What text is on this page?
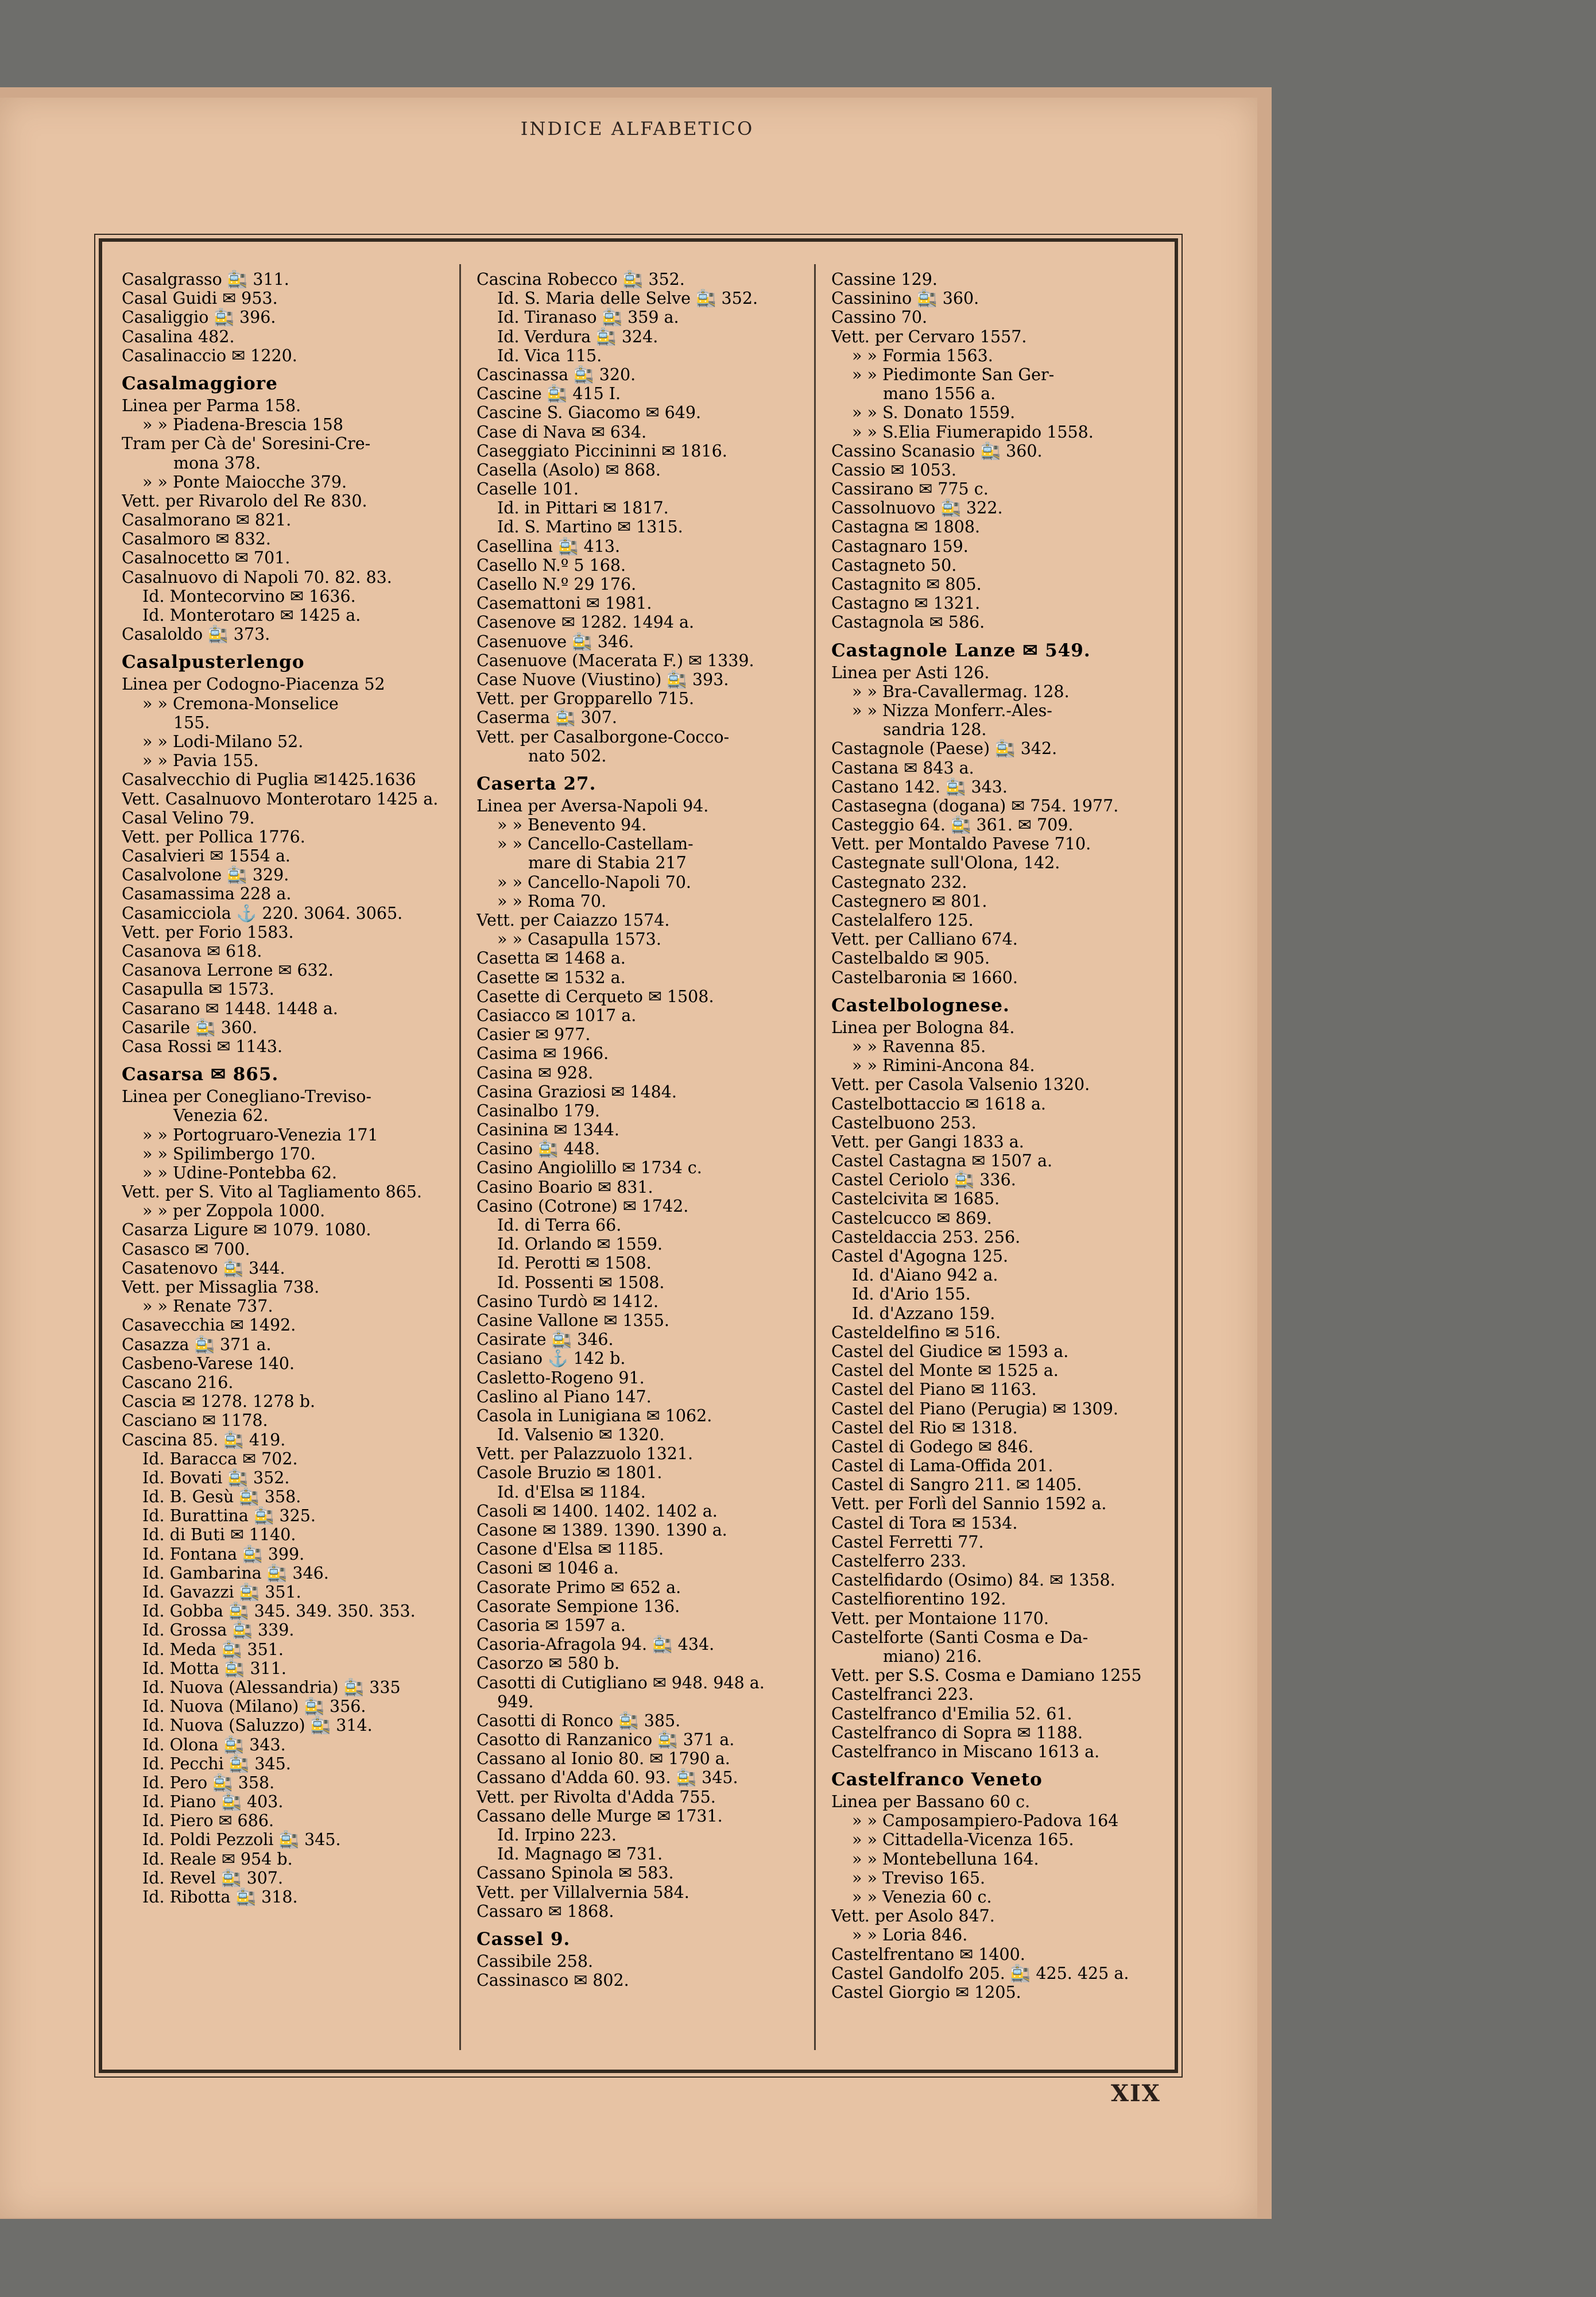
INDICE ALFABETICO
Casalgrasso 🚉 311.
Casal Guidi ✉ 953.
Casaliggio 🚉 396.
Casalina 482.
Casalinaccio ✉ 1220.
Casalmaggiore
Linea per Parma 158.
» » Piadena-Brescia 158
Tram per Cà de' Soresini-Cre-
mona 378.
» » Ponte Maiocche 379.
Vett. per Rivarolo del Re 830.
Casalmorano ✉ 821.
Casalmoro ✉ 832.
Casalnocetto ✉ 701.
Casalnuovo di Napoli 70. 82. 83.
Id. Montecorvino ✉ 1636.
Id. Monterotaro ✉ 1425 a.
Casaloldo 🚉 373.
Casalpusterlengo
Linea per Codogno-Piacenza 52
» » Cremona-Monselice
155.
» » Lodi-Milano 52.
» » Pavia 155.
Casalvecchio di Puglia ✉1425.1636
Vett. Casalnuovo Monterotaro 1425 a.
Casal Velino 79.
Vett. per Pollica 1776.
Casalvieri ✉ 1554 a.
Casalvolone 🚉 329.
Casamassima 228 a.
Casamicciola ⚓ 220. 3064. 3065.
Vett. per Forio 1583.
Casanova ✉ 618.
Casanova Lerrone ✉ 632.
Casapulla ✉ 1573.
Casarano ✉ 1448. 1448 a.
Casarile 🚉 360.
Casa Rossi ✉ 1143.
Casarsa ✉ 865.
Linea per Conegliano-Treviso-
Venezia 62.
» » Portogruaro-Venezia 171
» » Spilimbergo 170.
» » Udine-Pontebba 62.
Vett. per S. Vito al Tagliamento 865.
» » per Zoppola 1000.
Casarza Ligure ✉ 1079. 1080.
Casasco ✉ 700.
Casatenovo 🚉 344.
Vett. per Missaglia 738.
» » Renate 737.
Casavecchia ✉ 1492.
Casazza 🚉 371 a.
Casbeno-Varese 140.
Cascano 216.
Cascia ✉ 1278. 1278 b.
Casciano ✉ 1178.
Cascina 85. 🚉 419.
Id. Baracca ✉ 702.
Id. Bovati 🚉 352.
Id. B. Gesù 🚉 358.
Id. Burattina 🚉 325.
Id. di Buti ✉ 1140.
Id. Fontana 🚉 399.
Id. Gambarina 🚉 346.
Id. Gavazzi 🚉 351.
Id. Gobba 🚉 345. 349. 350. 353.
Id. Grossa 🚉 339.
Id. Meda 🚉 351.
Id. Motta 🚉 311.
Id. Nuova (Alessandria) 🚉 335
Id. Nuova (Milano) 🚉 356.
Id. Nuova (Saluzzo) 🚉 314.
Id. Olona 🚉 343.
Id. Pecchi 🚉 345.
Id. Pero 🚉 358.
Id. Piano 🚉 403.
Id. Piero ✉ 686.
Id. Poldi Pezzoli 🚉 345.
Id. Reale ✉ 954 b.
Id. Revel 🚉 307.
Id. Ribotta 🚉 318.
Cascina Robecco 🚉 352.
Id. S. Maria delle Selve 🚉 352.
Id. Tiranaso 🚉 359 a.
Id. Verdura 🚉 324.
Id. Vica 115.
Cascinassa 🚉 320.
Cascine 🚉 415 I.
Cascine S. Giacomo ✉ 649.
Case di Nava ✉ 634.
Caseggiato Piccininni ✉ 1816.
Casella (Asolo) ✉ 868.
Caselle 101.
Id. in Pittari ✉ 1817.
Id. S. Martino ✉ 1315.
Casellina 🚉 413.
Casello N.º 5 168.
Casello N.º 29 176.
Casemattoni ✉ 1981.
Casenove ✉ 1282. 1494 a.
Casenuove 🚉 346.
Casenuove (Macerata F.) ✉ 1339.
Case Nuove (Viustino) 🚉 393.
Vett. per Gropparello 715.
Caserma 🚉 307.
Vett. per Casalborgone-Cocco-
nato 502.
Caserta 27.
Linea per Aversa-Napoli 94.
» » Benevento 94.
» » Cancello-Castellam-
mare di Stabia 217
» » Cancello-Napoli 70.
» » Roma 70.
Vett. per Caiazzo 1574.
» » Casapulla 1573.
Casetta ✉ 1468 a.
Casette ✉ 1532 a.
Casette di Cerqueto ✉ 1508.
Casiacco ✉ 1017 a.
Casier ✉ 977.
Casima ✉ 1966.
Casina ✉ 928.
Casina Graziosi ✉ 1484.
Casinalbo 179.
Casinina ✉ 1344.
Casino 🚉 448.
Casino Angiolillo ✉ 1734 c.
Casino Boario ✉ 831.
Casino (Cotrone) ✉ 1742.
Id. di Terra 66.
Id. Orlando ✉ 1559.
Id. Perotti ✉ 1508.
Id. Possenti ✉ 1508.
Casino Turdò ✉ 1412.
Casine Vallone ✉ 1355.
Casirate 🚉 346.
Casiano ⚓ 142 b.
Casletto-Rogeno 91.
Caslino al Piano 147.
Casola in Lunigiana ✉ 1062.
Id. Valsenio ✉ 1320.
Vett. per Palazzuolo 1321.
Casole Bruzio ✉ 1801.
Id. d'Elsa ✉ 1184.
Casoli ✉ 1400. 1402. 1402 a.
Casone ✉ 1389. 1390. 1390 a.
Casone d'Elsa ✉ 1185.
Casoni ✉ 1046 a.
Casorate Primo ✉ 652 a.
Casorate Sempione 136.
Casoria ✉ 1597 a.
Casoria-Afragola 94. 🚉 434.
Casorzo ✉ 580 b.
Casotti di Cutigliano ✉ 948. 948 a.
949.
Casotti di Ronco 🚉 385.
Casotto di Ranzanico 🚉 371 a.
Cassano al Ionio 80. ✉ 1790 a.
Cassano d'Adda 60. 93. 🚉 345.
Vett. per Rivolta d'Adda 755.
Cassano delle Murge ✉ 1731.
Id. Irpino 223.
Id. Magnago ✉ 731.
Cassano Spinola ✉ 583.
Vett. per Villalvernia 584.
Cassaro ✉ 1868.
Cassel 9.
Cassibile 258.
Cassinasco ✉ 802.
Cassine 129.
Cassinino 🚉 360.
Cassino 70.
Vett. per Cervaro 1557.
» » Formia 1563.
» » Piedimonte San Ger-
mano 1556 a.
» » S. Donato 1559.
» » S.Elia Fiumerapido 1558.
Cassino Scanasio 🚉 360.
Cassio ✉ 1053.
Cassirano ✉ 775 c.
Cassolnuovo 🚉 322.
Castagna ✉ 1808.
Castagnaro 159.
Castagneto 50.
Castagnito ✉ 805.
Castagno ✉ 1321.
Castagnola ✉ 586.
Castagnole Lanze ✉ 549.
Linea per Asti 126.
» » Bra-Cavallermag. 128.
» » Nizza Monferr.-Ales-
sandria 128.
Castagnole (Paese) 🚉 342.
Castana ✉ 843 a.
Castano 142. 🚉 343.
Castasegna (dogana) ✉ 754. 1977.
Casteggio 64. 🚉 361. ✉ 709.
Vett. per Montaldo Pavese 710.
Castegnate sull'Olona, 142.
Castegnato 232.
Castegnero ✉ 801.
Castelalfero 125.
Vett. per Calliano 674.
Castelbaldo ✉ 905.
Castelbaronia ✉ 1660.
Castelbolognese.
Linea per Bologna 84.
» » Ravenna 85.
» » Rimini-Ancona 84.
Vett. per Casola Valsenio 1320.
Castelbottaccio ✉ 1618 a.
Castelbuono 253.
Vett. per Gangi 1833 a.
Castel Castagna ✉ 1507 a.
Castel Ceriolo 🚉 336.
Castelcivita ✉ 1685.
Castelcucco ✉ 869.
Casteldaccia 253. 256.
Castel d'Agogna 125.
Id. d'Aiano 942 a.
Id. d'Ario 155.
Id. d'Azzano 159.
Casteldelfino ✉ 516.
Castel del Giudice ✉ 1593 a.
Castel del Monte ✉ 1525 a.
Castel del Piano ✉ 1163.
Castel del Piano (Perugia) ✉ 1309.
Castel del Rio ✉ 1318.
Castel di Godego ✉ 846.
Castel di Lama-Offida 201.
Castel di Sangro 211. ✉ 1405.
Vett. per Forlì del Sannio 1592 a.
Castel di Tora ✉ 1534.
Castel Ferretti 77.
Castelferro 233.
Castelfidardo (Osimo) 84. ✉ 1358.
Castelfiorentino 192.
Vett. per Montaione 1170.
Castelforte (Santi Cosma e Da-
miano) 216.
Vett. per S.S. Cosma e Damiano 1255
Castelfranci 223.
Castelfranco d'Emilia 52. 61.
Castelfranco di Sopra ✉ 1188.
Castelfranco in Miscano 1613 a.
Castelfranco Veneto
Linea per Bassano 60 c.
» » Camposampiero-Padova 164
» » Cittadella-Vicenza 165.
» » Montebelluna 164.
» » Treviso 165.
» » Venezia 60 c.
Vett. per Asolo 847.
» » Loria 846.
Castelfrentano ✉ 1400.
Castel Gandolfo 205. 🚉 425. 425 a.
Castel Giorgio ✉ 1205.
XIX
